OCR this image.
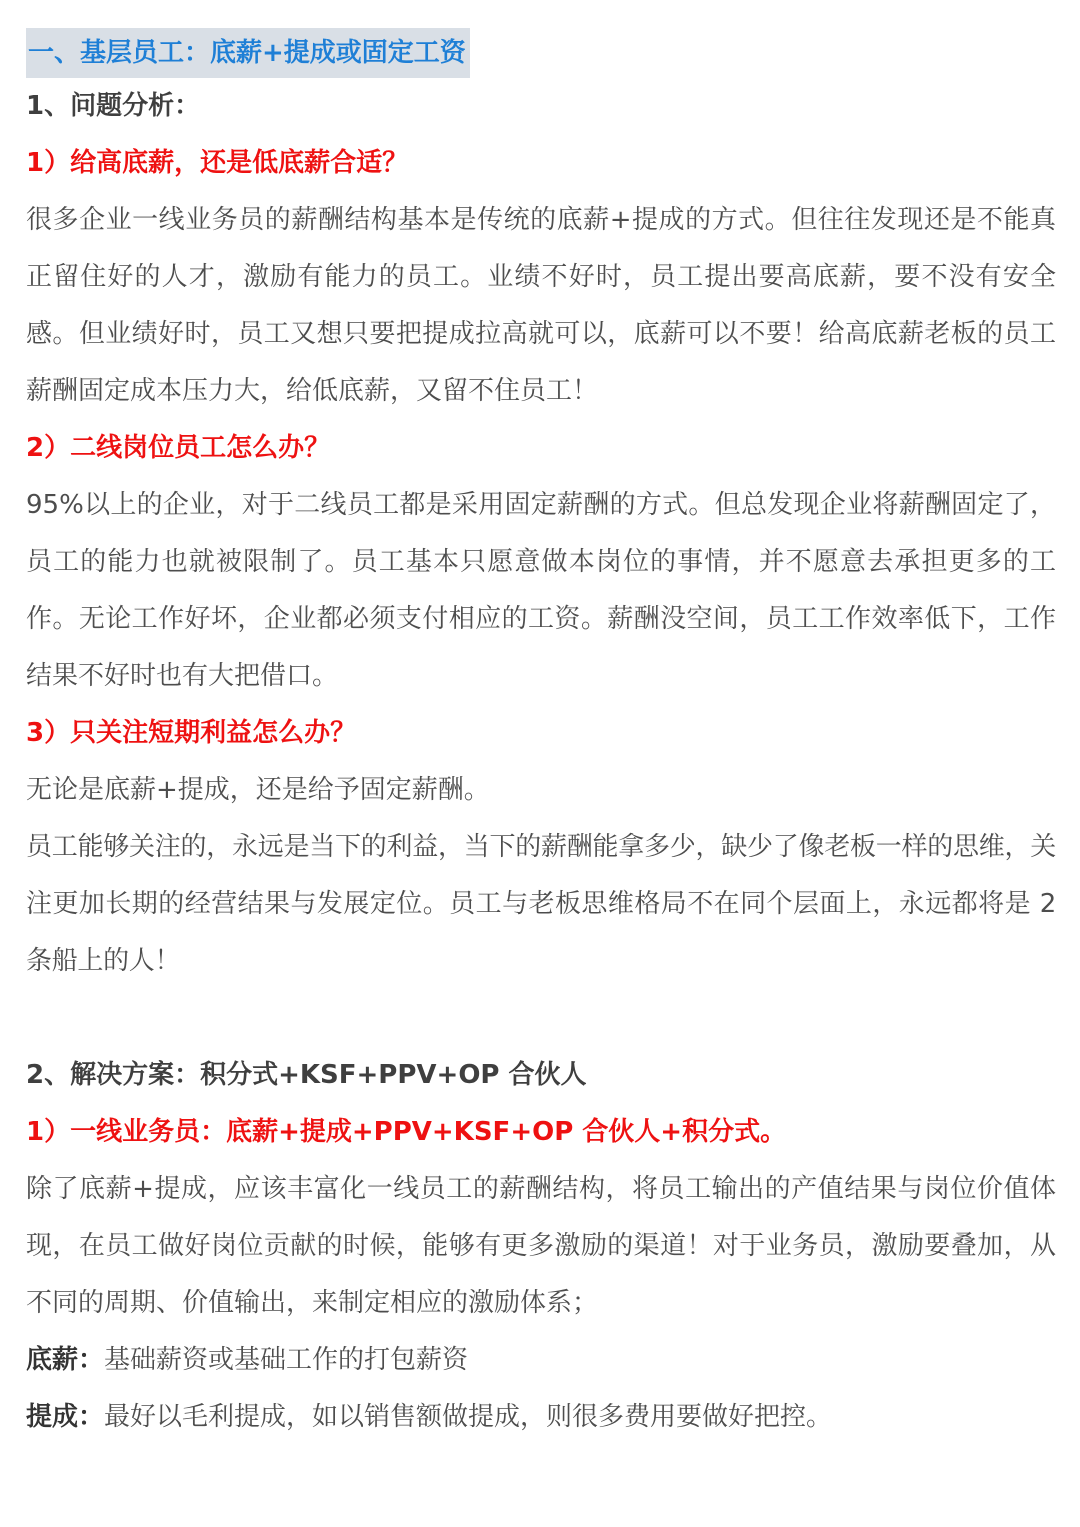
一、基层员工：底薪+提成或固定工资

1、问题分析：

1）给高底薪，还是低底薪合适？

很多企业一线业务员的薪酬结构基本是传统的底薪+提成的方式。但往往发现还是不能真正留住好的人才，激励有能力的员工。业绩不好时，员工提出要高底薪，要不没有安全感。但业绩好时，员工又想只要把提成拉高就可以，底薪可以不要！给高底薪老板的员工薪酬固定成本压力大，给低底薪，又留不住员工！

2）二线岗位员工怎么办？

95%以上的企业，对于二线员工都是采用固定薪酬的方式。但总发现企业将薪酬固定了，员工的能力也就被限制了。员工基本只愿意做本岗位的事情，并不愿意去承担更多的工作。无论工作好坏，企业都必须支付相应的工资。薪酬没空间，员工工作效率低下，工作结果不好时也有大把借口。

3）只关注短期利益怎么办？

无论是底薪+提成，还是给予固定薪酬。

员工能够关注的，永远是当下的利益，当下的薪酬能拿多少，缺少了像老板一样的思维，关注更加长期的经营结果与发展定位。员工与老板思维格局不在同个层面上，永远都将是 2 条船上的人！

2、解决方案：积分式+KSF+PPV+OP 合伙人

1）一线业务员：底薪+提成+PPV+KSF+OP 合伙人+积分式。

除了底薪+提成，应该丰富化一线员工的薪酬结构，将员工输出的产值结果与岗位价值体现，在员工做好岗位贡献的时候，能够有更多激励的渠道！对于业务员，激励要叠加，从不同的周期、价值输出，来制定相应的激励体系；

底薪：基础薪资或基础工作的打包薪资

提成：最好以毛利提成，如以销售额做提成，则很多费用要做好把控。
